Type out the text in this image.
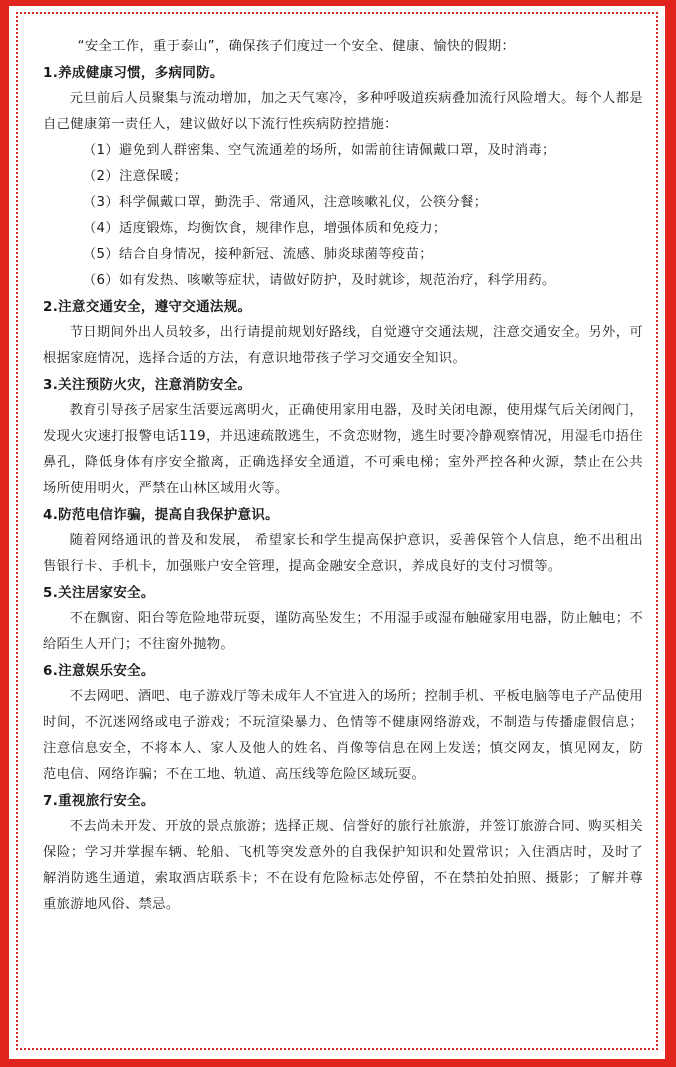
“安全工作，重于泰山”，确保孩子们度过一个安全、健康、愉快的假期：

1.养成健康习惯，多病同防。

元旦前后人员聚集与流动增加，加之天气寒冷，多种呼吸道疾病叠加流行风险增大。每个人都是自己健康第一责任人，建议做好以下流行性疾病防控措施：

（1）避免到人群密集、空气流通差的场所，如需前往请佩戴口罩，及时消毒；

（2）注意保暖；

（3）科学佩戴口罩，勤洗手、常通风，注意咳嗽礼仪，公筷分餐；

（4）适度锻炼，均衡饮食，规律作息，增强体质和免疫力；

（5）结合自身情况，接种新冠、流感、肺炎球菌等疫苗；

（6）如有发热、咳嗽等症状，请做好防护，及时就诊，规范治疗，科学用药。

2.注意交通安全，遵守交通法规。

节日期间外出人员较多，出行请提前规划好路线，自觉遵守交通法规，注意交通安全。另外，可根据家庭情况，选择合适的方法，有意识地带孩子学习交通安全知识。

3.关注预防火灾，注意消防安全。

教育引导孩子居家生活要远离明火，正确使用家用电器，及时关闭电源，使用煤气后关闭阀门，发现火灾速打报警电话119，并迅速疏散逃生，不贪恋财物，逃生时要冷静观察情况，用湿毛巾捂住鼻孔，降低身体有序安全撤离，正确选择安全通道，不可乘电梯；室外严控各种火源，禁止在公共场所使用明火，严禁在山林区域用火等。

4.防范电信诈骗，提高自我保护意识。

随着网络通讯的普及和发展， 希望家长和学生提高保护意识，妥善保管个人信息，绝不出租出售银行卡、手机卡，加强账户安全管理，提高金融安全意识，养成良好的支付习惯等。

5.关注居家安全。

不在飘窗、阳台等危险地带玩耍，谨防高坠发生；不用湿手或湿布触碰家用电器，防止触电；不给陌生人开门；不往窗外抛物。

6.注意娱乐安全。

不去网吧、酒吧、电子游戏厅等未成年人不宜进入的场所；控制手机、平板电脑等电子产品使用时间，不沉迷网络或电子游戏；不玩渲染暴力、色情等不健康网络游戏，不制造与传播虚假信息；注意信息安全，不将本人、家人及他人的姓名、肖像等信息在网上发送；慎交网友，慎见网友，防范电信、网络诈骗；不在工地、轨道、高压线等危险区域玩耍。

7.重视旅行安全。

不去尚未开发、开放的景点旅游；选择正规、信誉好的旅行社旅游，并签订旅游合同、购买相关保险；学习并掌握车辆、轮船、飞机等突发意外的自我保护知识和处置常识；入住酒店时，及时了解消防逃生通道，索取酒店联系卡；不在设有危险标志处停留，不在禁拍处拍照、摄影；了解并尊重旅游地风俗、禁忌。
